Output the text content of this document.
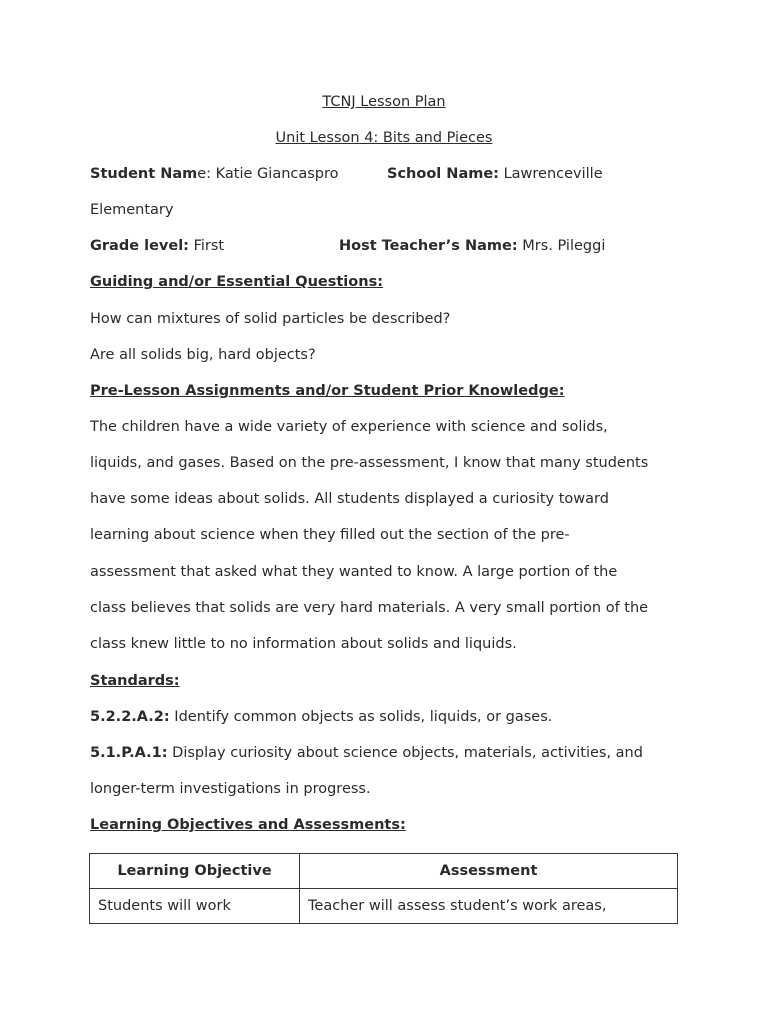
TCNJ Lesson Plan
Unit Lesson 4: Bits and Pieces
Student Name: Katie Giancaspro	School Name: Lawrenceville
Elementary
Grade level: First	Host Teacher’s Name: Mrs. Pileggi
Guiding and/or Essential Questions:
How can mixtures of solid particles be described?
Are all solids big, hard objects?
Pre-Lesson Assignments and/or Student Prior Knowledge:
The children have a wide variety of experience with science and solids,
liquids, and gases. Based on the pre-assessment, I know that many students
have some ideas about solids. All students displayed a curiosity toward
learning about science when they filled out the section of the pre-
assessment that asked what they wanted to know. A large portion of the
class believes that solids are very hard materials. A very small portion of the
class knew little to no information about solids and liquids.
Standards:
5.2.2.A.2: Identify common objects as solids, liquids, or gases.
5.1.P.A.1: Display curiosity about science objects, materials, activities, and
longer-term investigations in progress.
Learning Objectives and Assessments:
Learning Objective	Assessment
Students will work	Teacher will assess student’s work areas,
